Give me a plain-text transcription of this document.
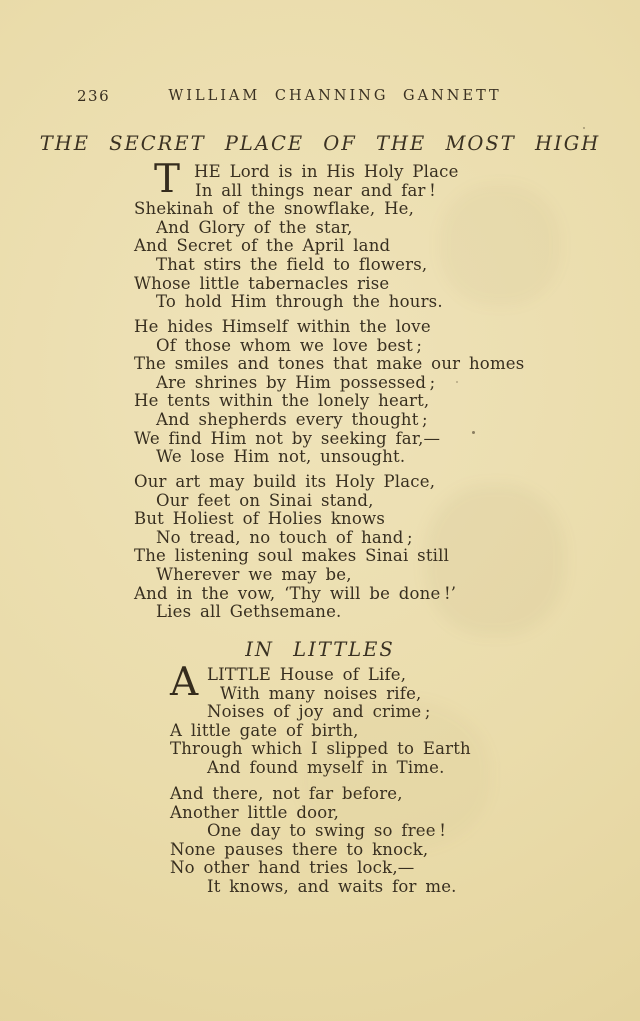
236	WILLIAM CHANNING GANNETT
THE SECRET PLACE OF THE MOST HIGH
T HE Lord is in His Holy Place
In all things near and far !
Shekinah of the snowflake, He,
And Glory of the star,
And Secret of the April land
That stirs the field to flowers,
Whose little tabernacles rise
To hold Him through the hours.
He hides Himself within the love
Of those whom we love best ;
The smiles and tones that make our homes
Are shrines by Him possessed ;
He tents within the lonely heart,
And shepherds every thought ;
We find Him not by seeking far,—
We lose Him not, unsought.
Our art may build its Holy Place,
Our feet on Sinai stand,
But Holiest of Holies knows
No tread, no touch of hand ;
The listening soul makes Sinai still
Wherever we may be,
And in the vow, ‘Thy will be done !’
Lies all Gethsemane.
IN LITTLES
A LITTLE House of Life,
With many noises rife,
Noises of joy and crime ;
A little gate of birth,
Through which I slipped to Earth
And found myself in Time.
And there, not far before,
Another little door,
One day to swing so free !
None pauses there to knock,
No other hand tries lock,—
It knows, and waits for me.
